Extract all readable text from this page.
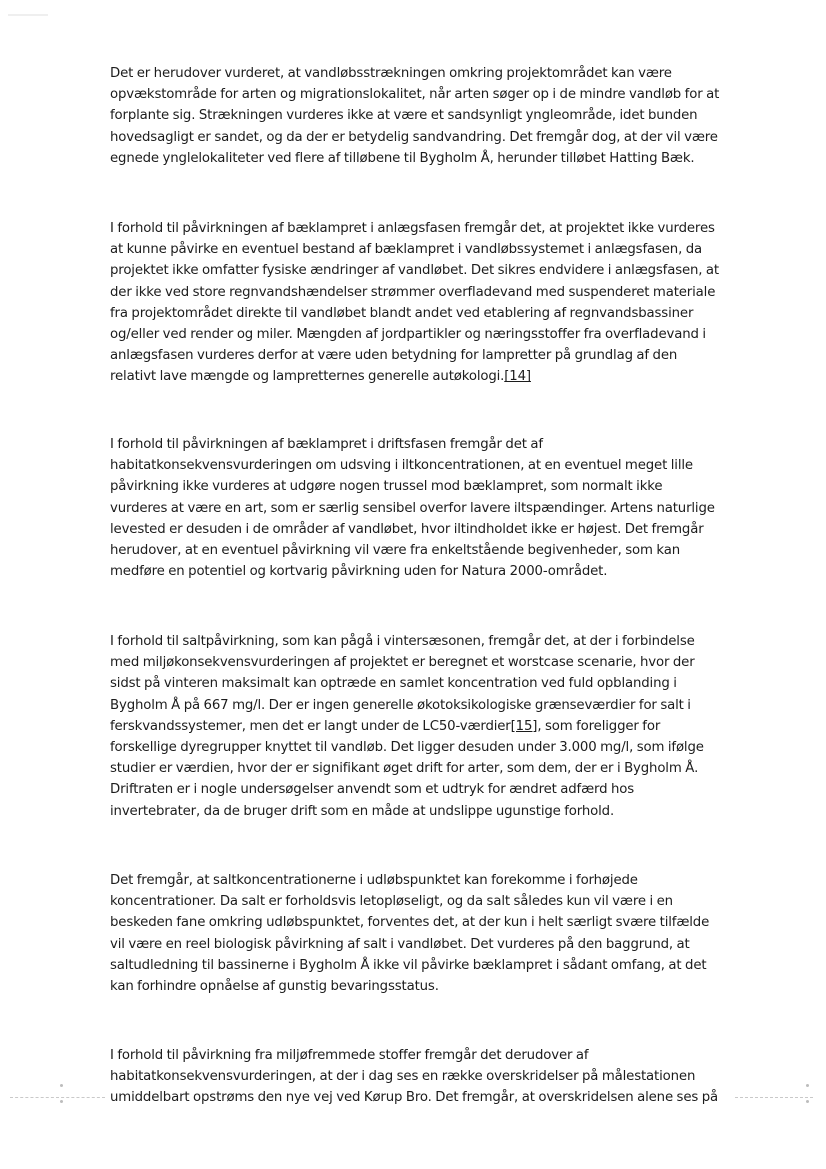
Det er herudover vurderet, at vandløbsstrækningen omkring projektområdet kan være
opvækstområde for arten og migrationslokalitet, når arten søger op i de mindre vandløb for at
forplante sig. Strækningen vurderes ikke at være et sandsynligt yngleområde, idet bunden
hovedsagligt er sandet, og da der er betydelig sandvandring. Det fremgår dog, at der vil være
egnede ynglelokaliteter ved flere af tilløbene til Bygholm Å, herunder tilløbet Hatting Bæk.

I forhold til påvirkningen af bæklampret i anlægsfasen fremgår det, at projektet ikke vurderes
at kunne påvirke en eventuel bestand af bæklampret i vandløbssystemet i anlægsfasen, da
projektet ikke omfatter fysiske ændringer af vandløbet. Det sikres endvidere i anlægsfasen, at
der ikke ved store regnvandshændelser strømmer overfladevand med suspenderet materiale
fra projektområdet direkte til vandløbet blandt andet ved etablering af regnvandsbassiner
og/eller ved render og miler. Mængden af jordpartikler og næringsstoffer fra overfladevand i
anlægsfasen vurderes derfor at være uden betydning for lampretter på grundlag af den
relativt lave mængde og lampretternes generelle autøkologi.[14]

I forhold til påvirkningen af bæklampret i driftsfasen fremgår det af
habitatkonsekvensvurderingen om udsving i iltkoncentrationen, at en eventuel meget lille
påvirkning ikke vurderes at udgøre nogen trussel mod bæklampret, som normalt ikke
vurderes at være en art, som er særlig sensibel overfor lavere iltspændinger. Artens naturlige
levested er desuden i de områder af vandløbet, hvor iltindholdet ikke er højest. Det fremgår
herudover, at en eventuel påvirkning vil være fra enkeltstående begivenheder, som kan
medføre en potentiel og kortvarig påvirkning uden for Natura 2000-området.

I forhold til saltpåvirkning, som kan pågå i vintersæsonen, fremgår det, at der i forbindelse
med miljøkonsekvensvurderingen af projektet er beregnet et worstcase scenarie, hvor der
sidst på vinteren maksimalt kan optræde en samlet koncentration ved fuld opblanding i
Bygholm Å på 667 mg/l. Der er ingen generelle økotoksikologiske grænseværdier for salt i
ferskvandssystemer, men det er langt under de LC50-værdier[15], som foreligger for
forskellige dyregrupper knyttet til vandløb. Det ligger desuden under 3.000 mg/l, som ifølge
studier er værdien, hvor der er signifikant øget drift for arter, som dem, der er i Bygholm Å.
Driftraten er i nogle undersøgelser anvendt som et udtryk for ændret adfærd hos
invertebrater, da de bruger drift som en måde at undslippe ugunstige forhold.

Det fremgår, at saltkoncentrationerne i udløbspunktet kan forekomme i forhøjede
koncentrationer. Da salt er forholdsvis letopløseligt, og da salt således kun vil være i en
beskeden fane omkring udløbspunktet, forventes det, at der kun i helt særligt svære tilfælde
vil være en reel biologisk påvirkning af salt i vandløbet. Det vurderes på den baggrund, at
saltudledning til bassinerne i Bygholm Å ikke vil påvirke bæklampret i sådant omfang, at det
kan forhindre opnåelse af gunstig bevaringsstatus.

I forhold til påvirkning fra miljøfremmede stoffer fremgår det derudover af
habitatkonsekvensvurderingen, at der i dag ses en række overskridelser på målestationen
umiddelbart opstrøms den nye vej ved Kørup Bro. Det fremgår, at overskridelsen alene ses på
